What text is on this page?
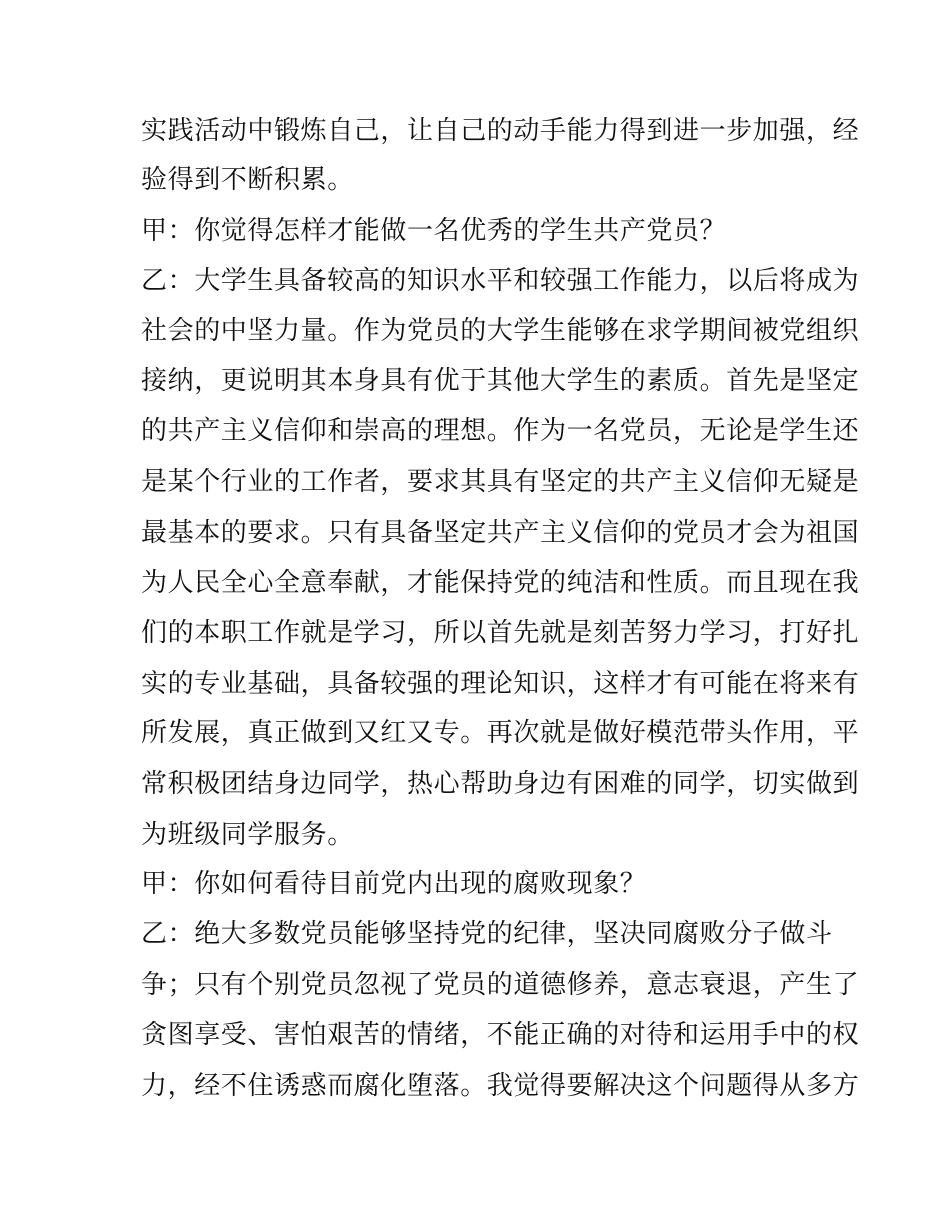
实践活动中锻炼自己，让自己的动手能力得到进一步加强，经
验得到不断积累。
甲：你觉得怎样才能做一名优秀的学生共产党员？
乙：大学生具备较高的知识水平和较强工作能力，以后将成为
社会的中坚力量。作为党员的大学生能够在求学期间被党组织
接纳，更说明其本身具有优于其他大学生的素质。首先是坚定
的共产主义信仰和崇高的理想。作为一名党员，无论是学生还
是某个行业的工作者，要求其具有坚定的共产主义信仰无疑是
最基本的要求。只有具备坚定共产主义信仰的党员才会为祖国
为人民全心全意奉献，才能保持党的纯洁和性质。而且现在我
们的本职工作就是学习，所以首先就是刻苦努力学习，打好扎
实的专业基础，具备较强的理论知识，这样才有可能在将来有
所发展，真正做到又红又专。再次就是做好模范带头作用，平
常积极团结身边同学，热心帮助身边有困难的同学，切实做到
为班级同学服务。
甲：你如何看待目前党内出现的腐败现象？
乙：绝大多数党员能够坚持党的纪律，坚决同腐败分子做斗
争；只有个别党员忽视了党员的道德修养，意志衰退，产生了
贪图享受、害怕艰苦的情绪，不能正确的对待和运用手中的权
力，经不住诱惑而腐化堕落。我觉得要解决这个问题得从多方
